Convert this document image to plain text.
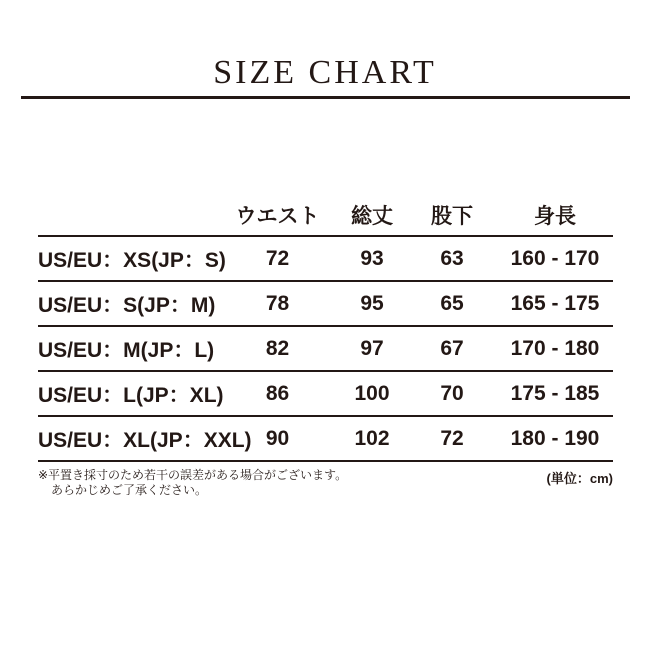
SIZE CHART
	ウエスト	総丈	股下	身長
US/EU：XS(JP：S)	72	93	63	160 - 170
US/EU：S(JP：M)	78	95	65	165 - 175
US/EU：M(JP：L)	82	97	67	170 - 180
US/EU：L(JP：XL)	86	100	70	175 - 185
US/EU：XL(JP：XXL)	90	102	72	180 - 190
※平置き採寸のため若干の誤差がある場合がございます。
あらかじめご了承ください。
(単位：cm)
